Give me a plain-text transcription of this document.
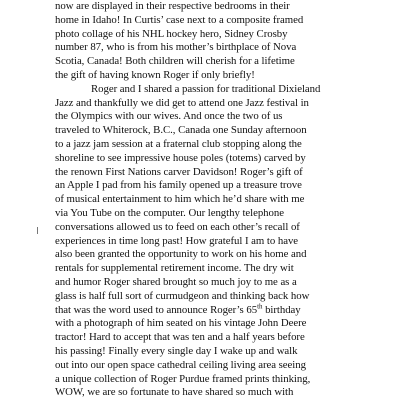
now are displayed in their respective bedrooms in their
home in Idaho! In Curtis’ case next to a composite framed
photo collage of his NHL hockey hero, Sidney Crosby
number 87, who is from his mother’s birthplace of Nova
Scotia, Canada! Both children will cherish for a lifetime
the gift of having known Roger if only briefly!
Roger and I shared a passion for traditional Dixieland
Jazz and thankfully we did get to attend one Jazz festival in
the Olympics with our wives. And once the two of us
traveled to Whiterock, B.C., Canada one Sunday afternoon
to a jazz jam session at a fraternal club stopping along the
shoreline to see impressive house poles (totems) carved by
the renown First Nations carver Davidson! Roger’s gift of
an Apple I pad from his family opened up a treasure trove
of musical entertainment to him which he’d share with me
via You Tube on the computer. Our lengthy telephone
conversations allowed us to feed on each other’s recall of
experiences in time long past! How grateful I am to have
also been granted the opportunity to work on his home and
rentals for supplemental retirement income. The dry wit
and humor Roger shared brought so much joy to me as a
glass is half full sort of curmudgeon and thinking back how
that was the word used to announce Roger’s 65th birthday
with a photograph of him seated on his vintage John Deere
tractor! Hard to accept that was ten and a half years before
his passing! Finally every single day I wake up and walk
out into our open space cathedral ceiling living area seeing
a unique collection of Roger Purdue framed prints thinking,
WOW, we are so fortunate to have shared so much with
